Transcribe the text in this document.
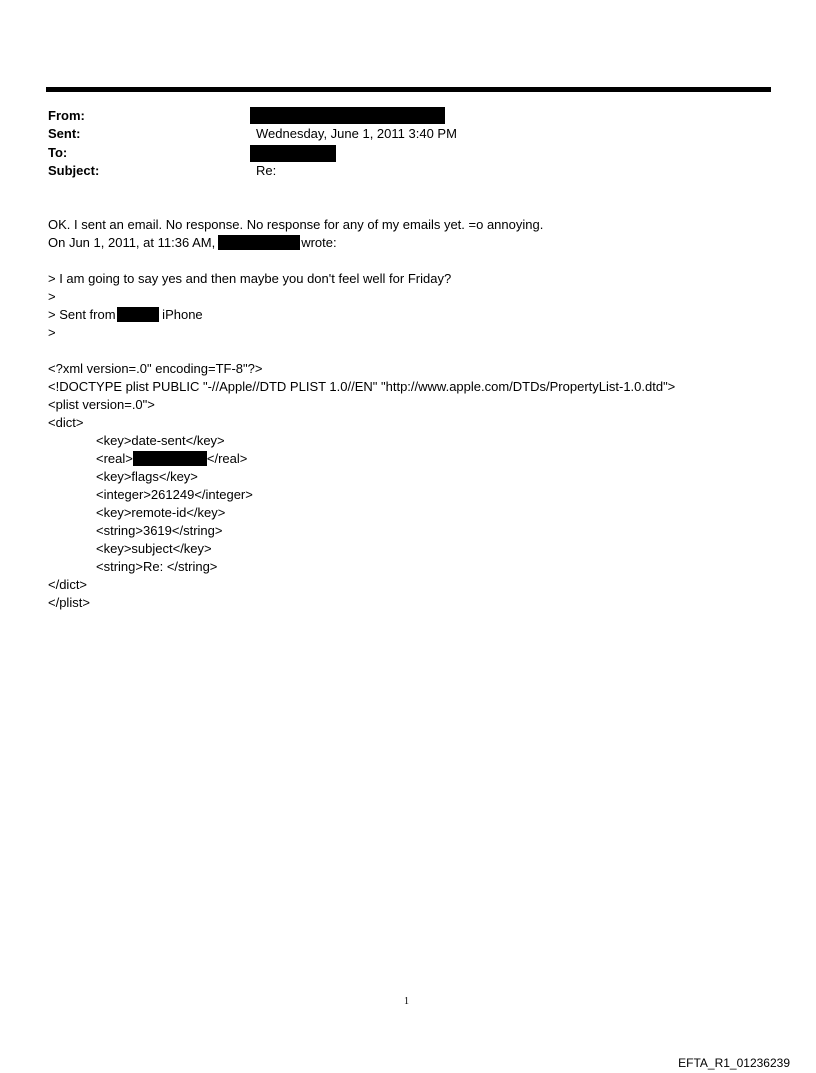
From:
Sent:	Wednesday, June 1, 2011 3:40 PM
To:
Subject:	Re:
OK. I sent an email. No response. No response for any of my emails yet. =o annoying.
On Jun 1, 2011, at 11:36 AM,	wrote:
> I am going to say yes and then maybe you don't feel well for Friday?
>
> Sent from	iPhone
>
<?xml version=.0" encoding=TF-8"?>
<!DOCTYPE plist PUBLIC "-//Apple//DTD PLIST 1.0//EN" "http://www.apple.com/DTDs/PropertyList-1.0.dtd">
<plist version=.0">
<dict>
<key>date-sent</key>
<real>	</real>
<key>flags</key>
<integer>261249</integer>
<key>remote-id</key>
<string>3619</string>
<key>subject</key>
<string>Re: </string>
</dict>
</plist>
1
EFTA_R1_01236239
